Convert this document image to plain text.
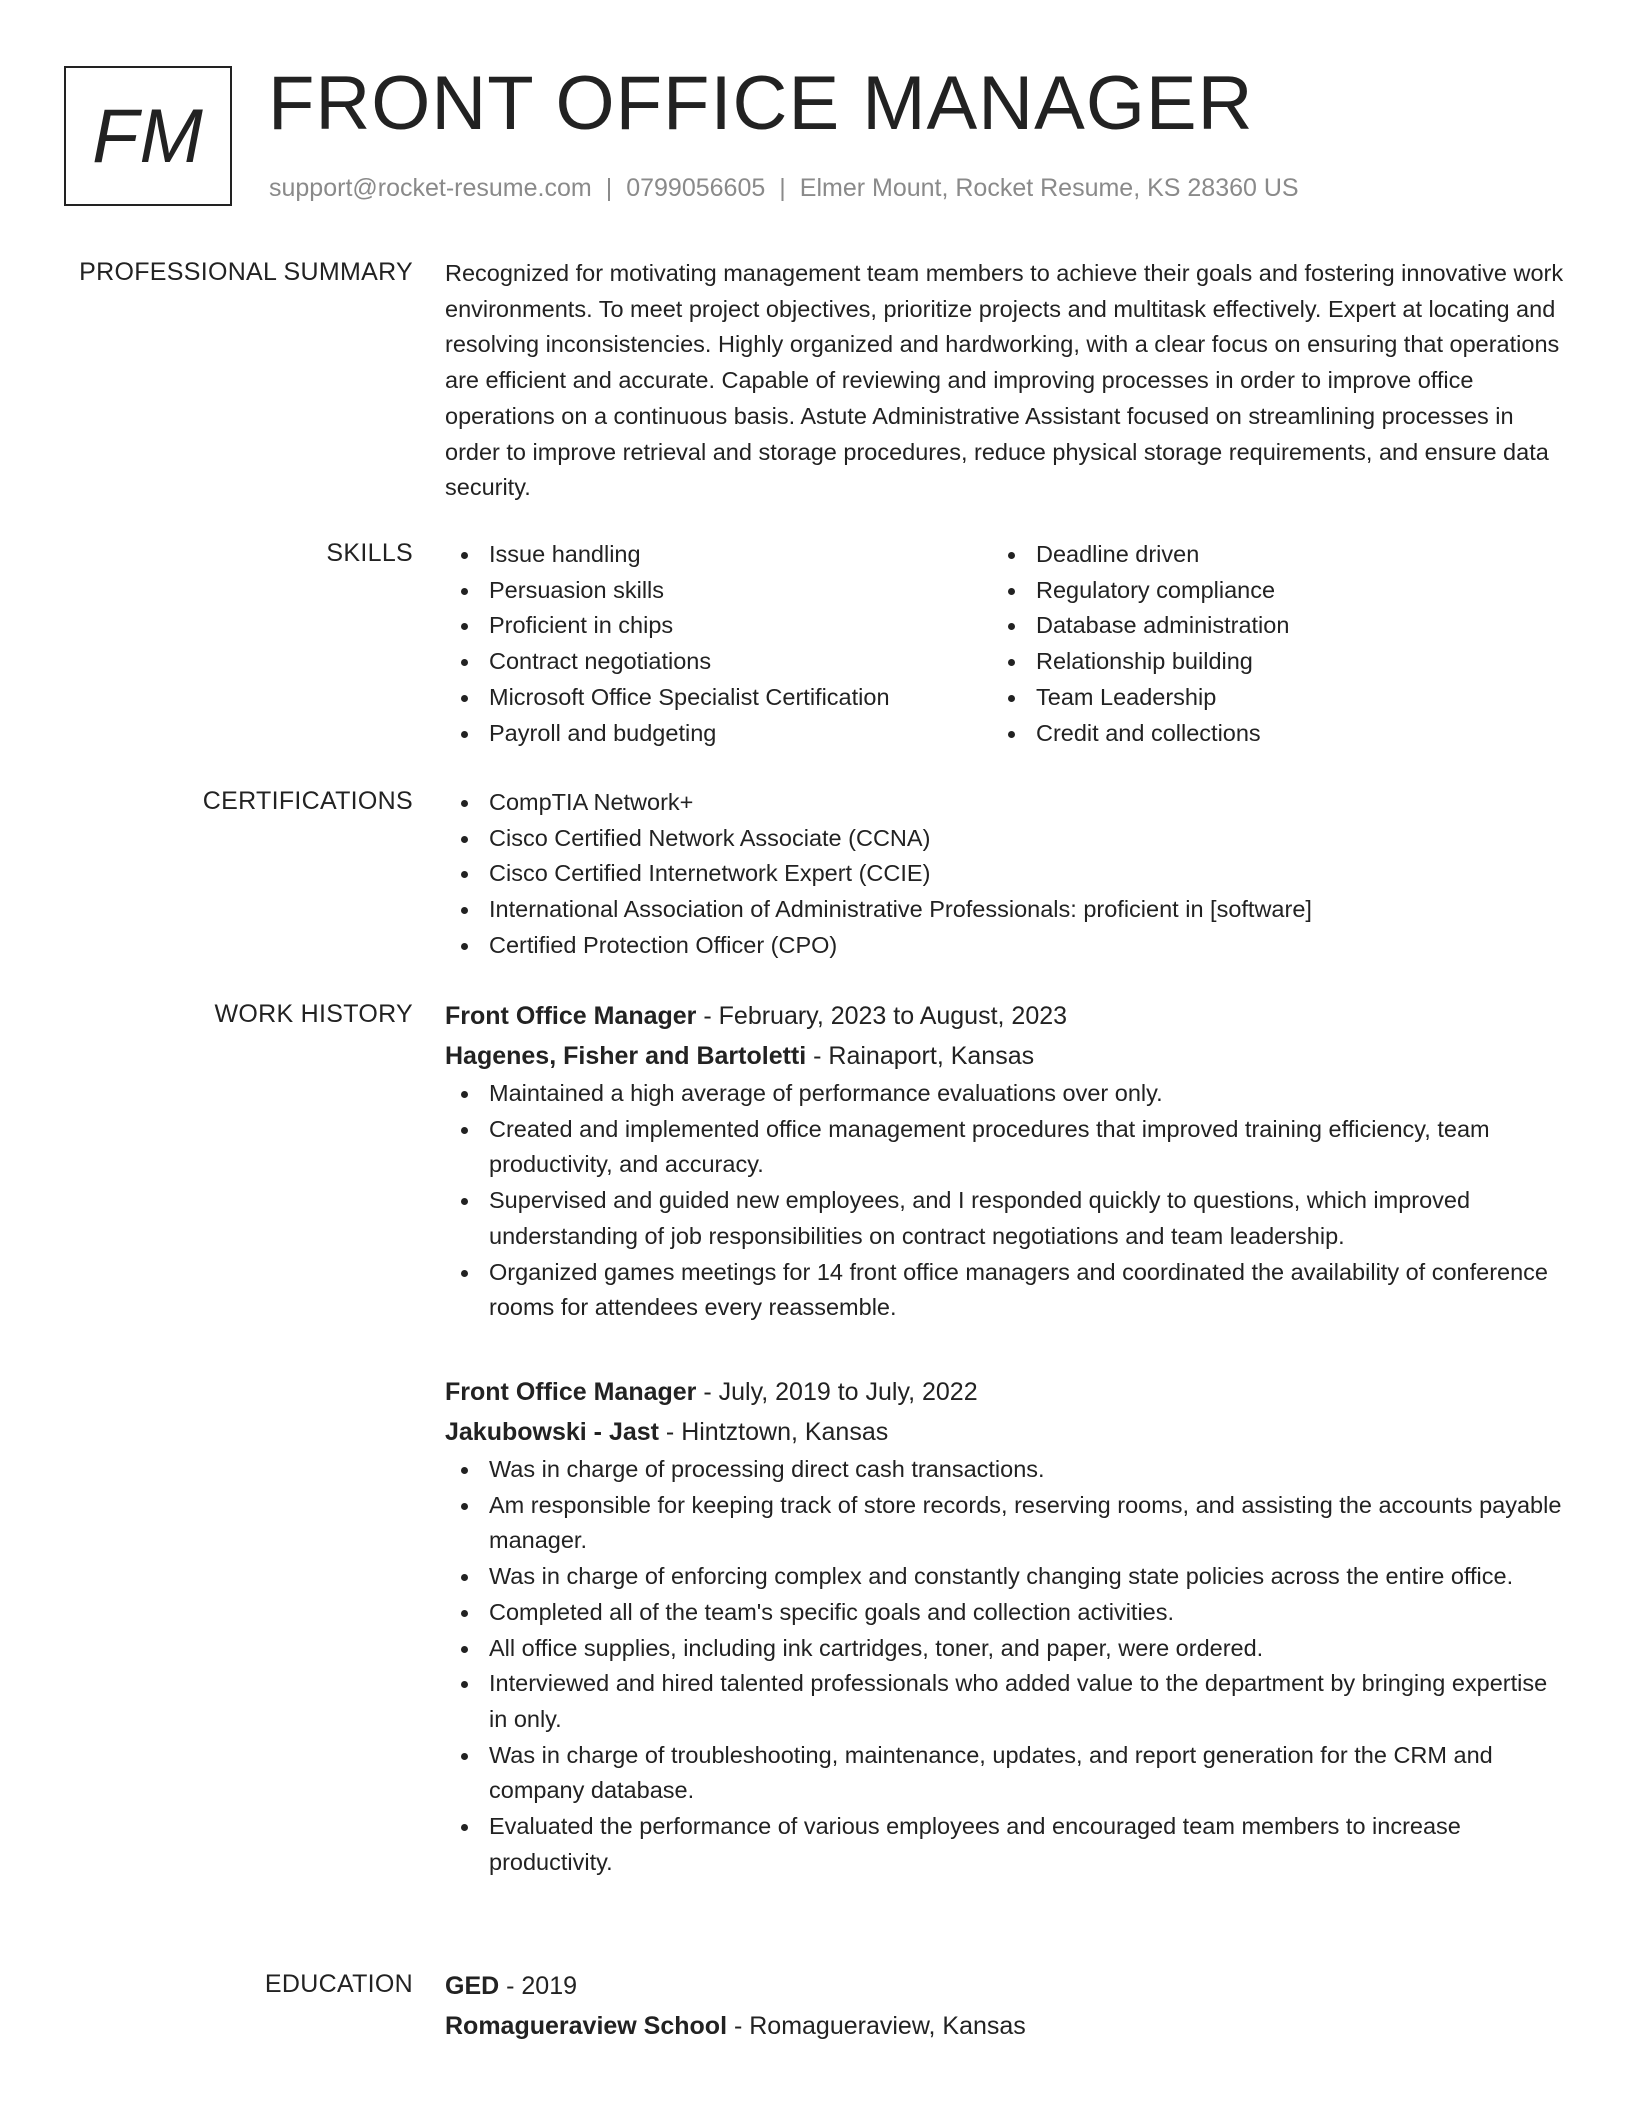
FM FRONT OFFICE MANAGER
support@rocket-resume.com | 0799056605 | Elmer Mount, Rocket Resume, KS 28360 US
PROFESSIONAL SUMMARY Recognized for motivating management team members to achieve their goals and fostering innovative work environments. To meet project objectives, prioritize projects and multitask effectively. Expert at locating and resolving inconsistencies. Highly organized and hardworking, with a clear focus on ensuring that operations are efficient and accurate. Capable of reviewing and improving processes in order to improve office operations on a continuous basis. Astute Administrative Assistant focused on streamlining processes in order to improve retrieval and storage procedures, reduce physical storage requirements, and ensure data security.
SKILLS	Issue handling
Persuasion skills
Proficient in chips
Contract negotiations
Microsoft Office Specialist Certification
Payroll and budgeting
Deadline driven
Regulatory compliance
Database administration
Relationship building
Team Leadership
Credit and collections
CERTIFICATIONS	CompTIA Network+
Cisco Certified Network Associate (CCNA)
Cisco Certified Internetwork Expert (CCIE)
International Association of Administrative Professionals: proficient in [software]
Certified Protection Officer (CPO)
WORK HISTORY Front Office Manager - February, 2023 to August, 2023
Hagenes, Fisher and Bartoletti - Rainaport, Kansas
Maintained a high average of performance evaluations over only.
Created and implemented office management procedures that improved training efficiency, team productivity, and accuracy.
Supervised and guided new employees, and I responded quickly to questions, which improved understanding of job responsibilities on contract negotiations and team leadership.
Organized games meetings for 14 front office managers and coordinated the availability of conference rooms for attendees every reassemble.
Front Office Manager - July, 2019 to July, 2022
Jakubowski - Jast - Hintztown, Kansas
Was in charge of processing direct cash transactions.
Am responsible for keeping track of store records, reserving rooms, and assisting the accounts payable manager.
Was in charge of enforcing complex and constantly changing state policies across the entire office.
Completed all of the team's specific goals and collection activities.
All office supplies, including ink cartridges, toner, and paper, were ordered.
Interviewed and hired talented professionals who added value to the department by bringing expertise in only.
Was in charge of troubleshooting, maintenance, updates, and report generation for the CRM and company database.
Evaluated the performance of various employees and encouraged team members to increase productivity.
EDUCATION GED - 2019
Romagueraview School - Romagueraview, Kansas
